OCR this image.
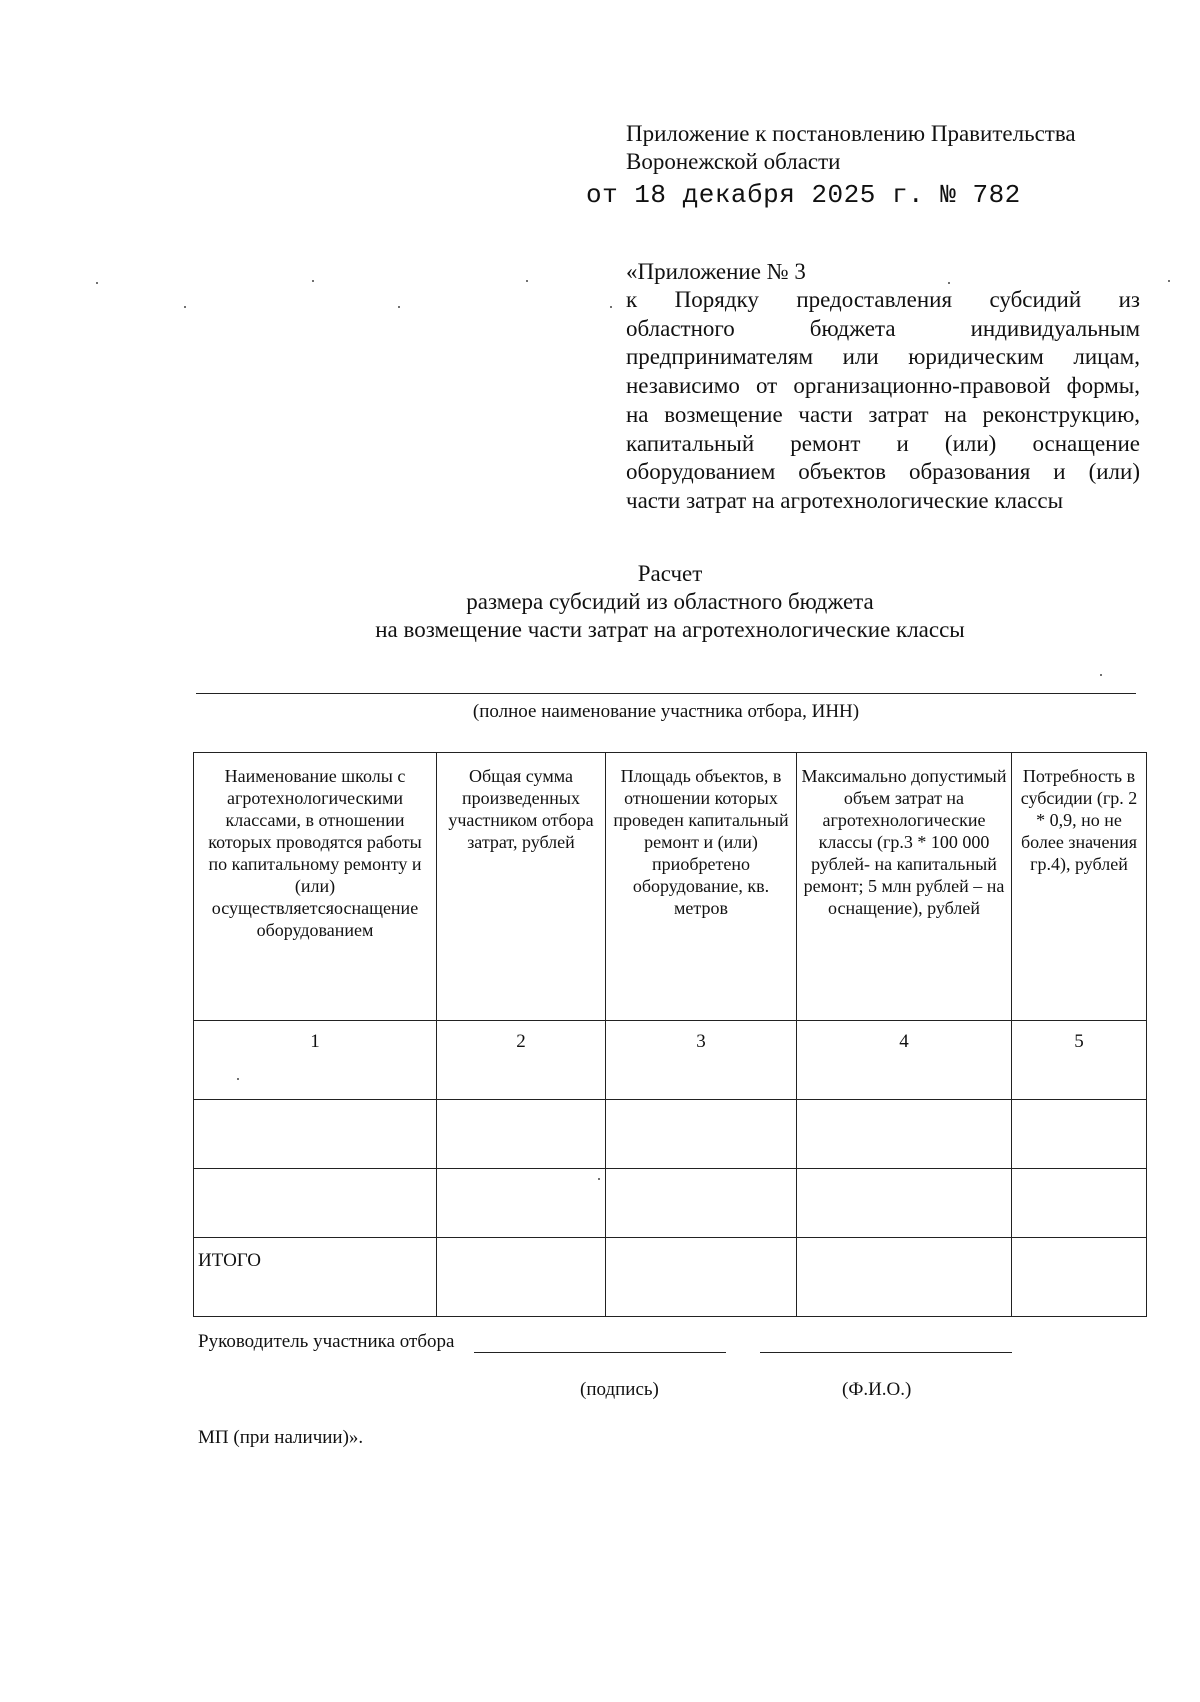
Приложение к постановлению Правительства
Воронежской области
от 18 декабря 2025 г. № 782
«Приложение № 3
к Порядку предоставления субсидий из
областного бюджета индивидуальным
предпринимателям или юридическим лицам,
независимо от организационно-правовой формы,
на возмещение части затрат на реконструкцию,
капитальный ремонт и (или) оснащение
оборудованием объектов образования и (или)
части затрат на агротехнологические классы
Расчет
размера субсидий из областного бюджета
на возмещение части затрат на агротехнологические классы
(полное наименование участника отбора, ИНН)
Наименование школы с агротехнологическими классами, в отношении которых проводятся работы по капитальному ремонту и (или) осуществляетсяоснащение оборудованием	Общая сумма произведенных участником отбора затрат, рублей	Площадь объектов, в отношении которых проведен капитальный ремонт и (или) приобретено оборудование, кв. метров	Максимально допустимый объем затрат на агротехнологические классы (гр.3 * 100 000 рублей- на капитальный ремонт; 5 млн рублей – на оснащение), рублей	Потребность в субсидии (гр. 2 * 0,9, но не более значения гр.4), рублей

1	2	3	4	5

ИТОГО				
Руководитель участника отбора
(подпись)	(Ф.И.О.)
МП (при наличии)».
